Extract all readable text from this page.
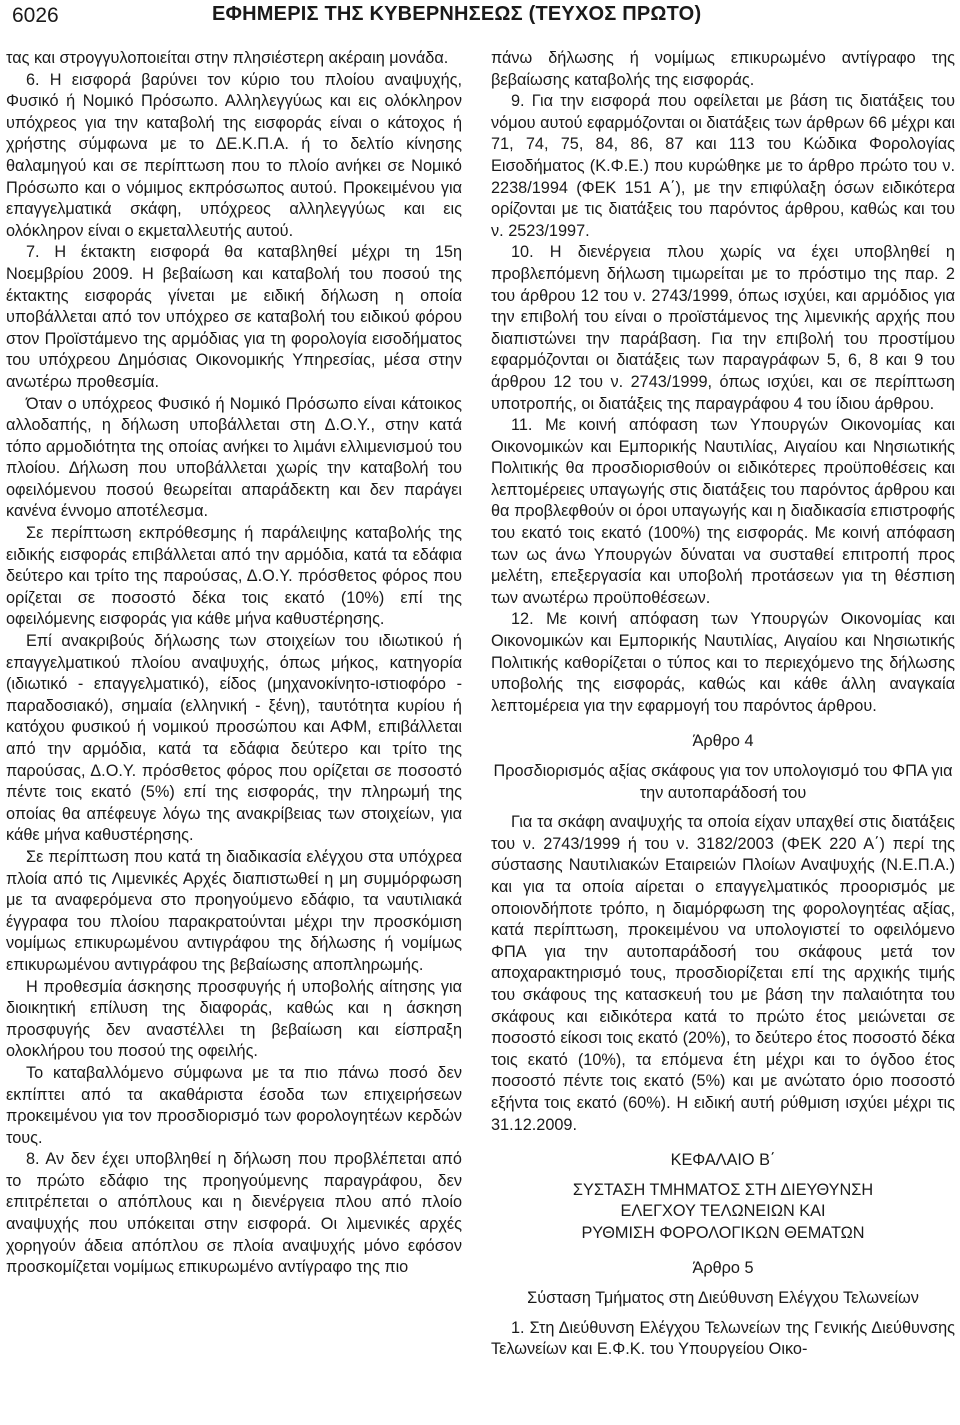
6026	ΕΦΗΜΕΡΙΣ ΤΗΣ ΚΥΒΕΡΝΗΣΕΩΣ (ΤΕΥΧΟΣ ΠΡΩΤΟ)

τας και στρογγυλοποιείται στην πλησιέστερη ακέραιη μονάδα.

6. Η εισφορά βαρύνει τον κύριο του πλοίου αναψυχής, Φυσικό ή Νομικό Πρόσωπο. Αλληλεγγύως και εις ολόκληρον υπόχρεος για την καταβολή της εισφοράς είναι ο κάτοχος ή χρήστης σύμφωνα με το ΔΕ.Κ.Π.Α. ή το δελτίο κίνησης θαλαμηγού και σε περίπτωση που το πλοίο ανήκει σε Νομικό Πρόσωπο και ο νόμιμος εκπρόσωπος αυτού. Προκειμένου για επαγγελματικά σκάφη, υπόχρεος αλληλεγγύως και εις ολόκληρον είναι ο εκμεταλλευτής αυτού.

7. Η έκτακτη εισφορά θα καταβληθεί μέχρι τη 15η Νοεμβρίου 2009. Η βεβαίωση και καταβολή του ποσού της έκτακτης εισφοράς γίνεται με ειδική δήλωση η οποία υποβάλλεται από τον υπόχρεο σε καταβολή του ειδικού φόρου στον Προϊστάμενο της αρμόδιας για τη φορολογία εισοδήματος του υπόχρεου Δημόσιας Οικονομικής Υπηρεσίας, μέσα στην ανωτέρω προθεσμία.

Όταν ο υπόχρεος Φυσικό ή Νομικό Πρόσωπο είναι κάτοικος αλλοδαπής, η δήλωση υποβάλλεται στη Δ.Ο.Υ., στην κατά τόπο αρμοδιότητα της οποίας ανήκει το λιμάνι ελλιμενισμού του πλοίου. Δήλωση που υποβάλλεται χωρίς την καταβολή του οφειλόμενου ποσού θεωρείται απαράδεκτη και δεν παράγει κανένα έννομο αποτέλεσμα.

Σε περίπτωση εκπρόθεσμης ή παράλειψης καταβολής της ειδικής εισφοράς επιβάλλεται από την αρμόδια, κατά τα εδάφια δεύτερο και τρίτο της παρούσας, Δ.Ο.Υ. πρόσθετος φόρος που ορίζεται σε ποσοστό δέκα τοις εκατό (10%) επί της οφειλόμενης εισφοράς για κάθε μήνα καθυστέρησης.

Επί ανακριβούς δήλωσης των στοιχείων του ιδιωτικού ή επαγγελματικού πλοίου αναψυχής, όπως μήκος, κατηγορία (ιδιωτικό - επαγγελματικό), είδος (μηχανοκίνητο-ιστιοφόρο - παραδοσιακό), σημαία (ελληνική - ξένη), ταυτότητα κυρίου ή κατόχου φυσικού ή νομικού προσώπου και ΑΦΜ, επιβάλλεται από την αρμόδια, κατά τα εδάφια δεύτερο και τρίτο της παρούσας, Δ.Ο.Υ. πρόσθετος φόρος που ορίζεται σε ποσοστό πέντε τοις εκατό (5%) επί της εισφοράς, την πληρωμή της οποίας θα απέφευγε λόγω της ανακρίβειας των στοιχείων, για κάθε μήνα καθυστέρησης.

Σε περίπτωση που κατά τη διαδικασία ελέγχου στα υπόχρεα πλοία από τις Λιμενικές Αρχές διαπιστωθεί η μη συμμόρφωση με τα αναφερόμενα στο προηγούμενο εδάφιο, τα ναυτιλιακά έγγραφα του πλοίου παρακρατούνται μέχρι την προσκόμιση νομίμως επικυρωμένου αντιγράφου της δήλωσης ή νομίμως επικυρωμένου αντιγράφου της βεβαίωσης αποπληρωμής.

Η προθεσμία άσκησης προσφυγής ή υποβολής αίτησης για διοικητική επίλυση της διαφοράς, καθώς και η άσκηση προσφυγής δεν αναστέλλει τη βεβαίωση και είσπραξη ολοκλήρου του ποσού της οφειλής.

Το καταβαλλόμενο σύμφωνα με τα πιο πάνω ποσό δεν εκπίπτει από τα ακαθάριστα έσοδα των επιχειρήσεων προκειμένου για τον προσδιορισμό των φορολογητέων κερδών τους.

8. Αν δεν έχει υποβληθεί η δήλωση που προβλέπεται από το πρώτο εδάφιο της προηγούμενης παραγράφου, δεν επιτρέπεται ο απόπλους και η διενέργεια πλου από πλοίο αναψυχής που υπόκειται στην εισφορά. Οι λιμενικές αρχές χορηγούν άδεια απόπλου σε πλοία αναψυχής μόνο εφόσον προσκομίζεται νομίμως επικυρωμένο αντίγραφο της πιο

πάνω δήλωσης ή νομίμως επικυρωμένο αντίγραφο της βεβαίωσης καταβολής της εισφοράς.

9. Για την εισφορά που οφείλεται με βάση τις διατάξεις του νόμου αυτού εφαρμόζονται οι διατάξεις των άρθρων 66 μέχρι και 71, 74, 75, 84, 86, 87 και 113 του Κώδικα Φορολογίας Εισοδήματος (Κ.Φ.Ε.) που κυρώθηκε με το άρθρο πρώτο του ν. 2238/1994 (ΦΕΚ 151 Α΄), με την επιφύλαξη όσων ειδικότερα ορίζονται με τις διατάξεις του παρόντος άρθρου, καθώς και του ν. 2523/1997.

10. Η διενέργεια πλου χωρίς να έχει υποβληθεί η προβλεπόμενη δήλωση τιμωρείται με το πρόστιμο της παρ. 2 του άρθρου 12 του ν. 2743/1999, όπως ισχύει, και αρμόδιος για την επιβολή του είναι ο προϊστάμενος της λιμενικής αρχής που διαπιστώνει την παράβαση. Για την επιβολή του προστίμου εφαρμόζονται οι διατάξεις των παραγράφων 5, 6, 8 και 9 του άρθρου 12 του ν. 2743/1999, όπως ισχύει, και σε περίπτωση υποτροπής, οι διατάξεις της παραγράφου 4 του ίδιου άρθρου.

11. Με κοινή απόφαση των Υπουργών Οικονομίας και Οικονομικών και Εμπορικής Ναυτιλίας, Αιγαίου και Νησιωτικής Πολιτικής θα προσδιορισθούν οι ειδικότερες προϋποθέσεις και λεπτομέρειες υπαγωγής στις διατάξεις του παρόντος άρθρου και θα προβλεφθούν οι όροι υπαγωγής και η διαδικασία επιστροφής του εκατό τοις εκατό (100%) της εισφοράς. Με κοινή απόφαση των ως άνω Υπουργών δύναται να συσταθεί επιτροπή προς μελέτη, επεξεργασία και υποβολή προτάσεων για τη θέσπιση των ανωτέρω προϋποθέσεων.

12. Με κοινή απόφαση των Υπουργών Οικονομίας και Οικονομικών και Εμπορικής Ναυτιλίας, Αιγαίου και Νησιωτικής Πολιτικής καθορίζεται ο τύπος και το περιεχόμενο της δήλωσης υποβολής της εισφοράς, καθώς και κάθε άλλη αναγκαία λεπτομέρεια για την εφαρμογή του παρόντος άρθρου.

Άρθρο 4

Προσδιορισμός αξίας σκάφους για τον υπολογισμό του ΦΠΑ για την αυτοπαράδοσή του

Για τα σκάφη αναψυχής τα οποία είχαν υπαχθεί στις διατάξεις του ν. 2743/1999 ή του ν. 3182/2003 (ΦΕΚ 220 Α΄) περί της σύστασης Ναυτιλιακών Εταιρειών Πλοίων Αναψυχής (Ν.Ε.Π.Α.) και για τα οποία αίρεται ο επαγγελματικός προορισμός με οποιονδήποτε τρόπο, η διαμόρφωση της φορολογητέας αξίας, κατά περίπτωση, προκειμένου να υπολογιστεί το οφειλόμενο ΦΠΑ για την αυτοπαράδοσή του σκάφους μετά τον αποχαρακτηρισμό τους, προσδιορίζεται επί της αρχικής τιμής του σκάφους της κατασκευή του με βάση την παλαιότητα του σκάφους και ειδικότερα κατά το πρώτο έτος μειώνεται σε ποσοστό είκοσι τοις εκατό (20%), το δεύτερο έτος ποσοστό δέκα τοις εκατό (10%), τα επόμενα έτη μέχρι και το όγδοο έτος ποσοστό πέντε τοις εκατό (5%) και με ανώτατο όριο ποσοστό εξήντα τοις εκατό (60%). Η ειδική αυτή ρύθμιση ισχύει μέχρι τις 31.12.2009.

ΚΕΦΑΛΑΙΟ Β΄

ΣΥΣΤΑΣΗ ΤΜΗΜΑΤΟΣ ΣΤΗ ΔΙΕΥΘΥΝΣΗ

ΕΛΕΓΧΟΥ ΤΕΛΩΝΕΙΩΝ ΚΑΙ

ΡΥΘΜΙΣΗ ΦΟΡΟΛΟΓΙΚΩΝ ΘΕΜΑΤΩΝ

Άρθρο 5

Σύσταση Τμήματος στη Διεύθυνση Ελέγχου Τελωνείων

1. Στη Διεύθυνση Ελέγχου Τελωνείων της Γενικής Διεύθυνσης Τελωνείων και Ε.Φ.Κ. του Υπουργείου Οικο-
